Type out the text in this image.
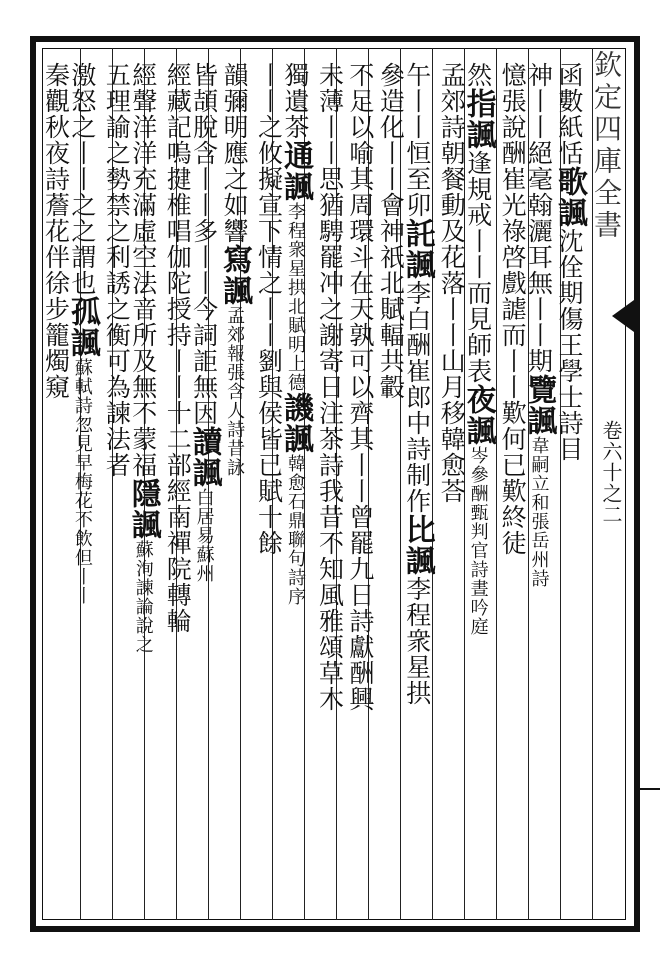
欽定四庫全書
卷六十之二
函數紙恬歌諷沈佺期傷王學士詩目
神丨丨絕毫翰灑耳無丨丨期覽諷韋嗣立和張岳州詩
憶張說酬崔光祿啓戲謔而丨丨歎何已歎終徒
然指諷逢規戒丨丨而見師表夜諷岑參酬甄判官詩晝吟庭
孟郊詩朝餐動及花落丨丨山月移韓愈荅
午丨丨恒至卯託諷李白酬崔郎中詩制作比諷李程衆星拱
參造化丨丨會神祇北賦輻共轂
不足以喻其周環斗在天孰可以齊其丨丨曾罷九日詩獻酬興
未薄丨丨思猶騁罷冲之謝寄日注茶詩我昔不知風雅頌草木
獨遺茶通諷李程衆星拱北賦明上德譏諷韓愈石鼎聯句詩序
丨丨之攸擬宣下情之丨丨劉與侯皆已賦十餘
韻彌明應之如響寫諷孟郊報張含人詩昔詠
皆頡脫含丨丨多丨丨今詞詎無因讀諷白居易蘇州
經藏記嗚揵椎唱伽陀授持丨丨十二部經南禪院轉輪
經聲洋洋充滿虛空法音所及無不蒙福隱諷蘇洵諫論說之
五理諭之勢禁之利誘之衡可為諫法者
激怒之丨丨之之謂也孤諷蘇軾詩忽見早梅花不飲但丨丨
秦觀秋夜詩薝花伴徐步籠燭窺
